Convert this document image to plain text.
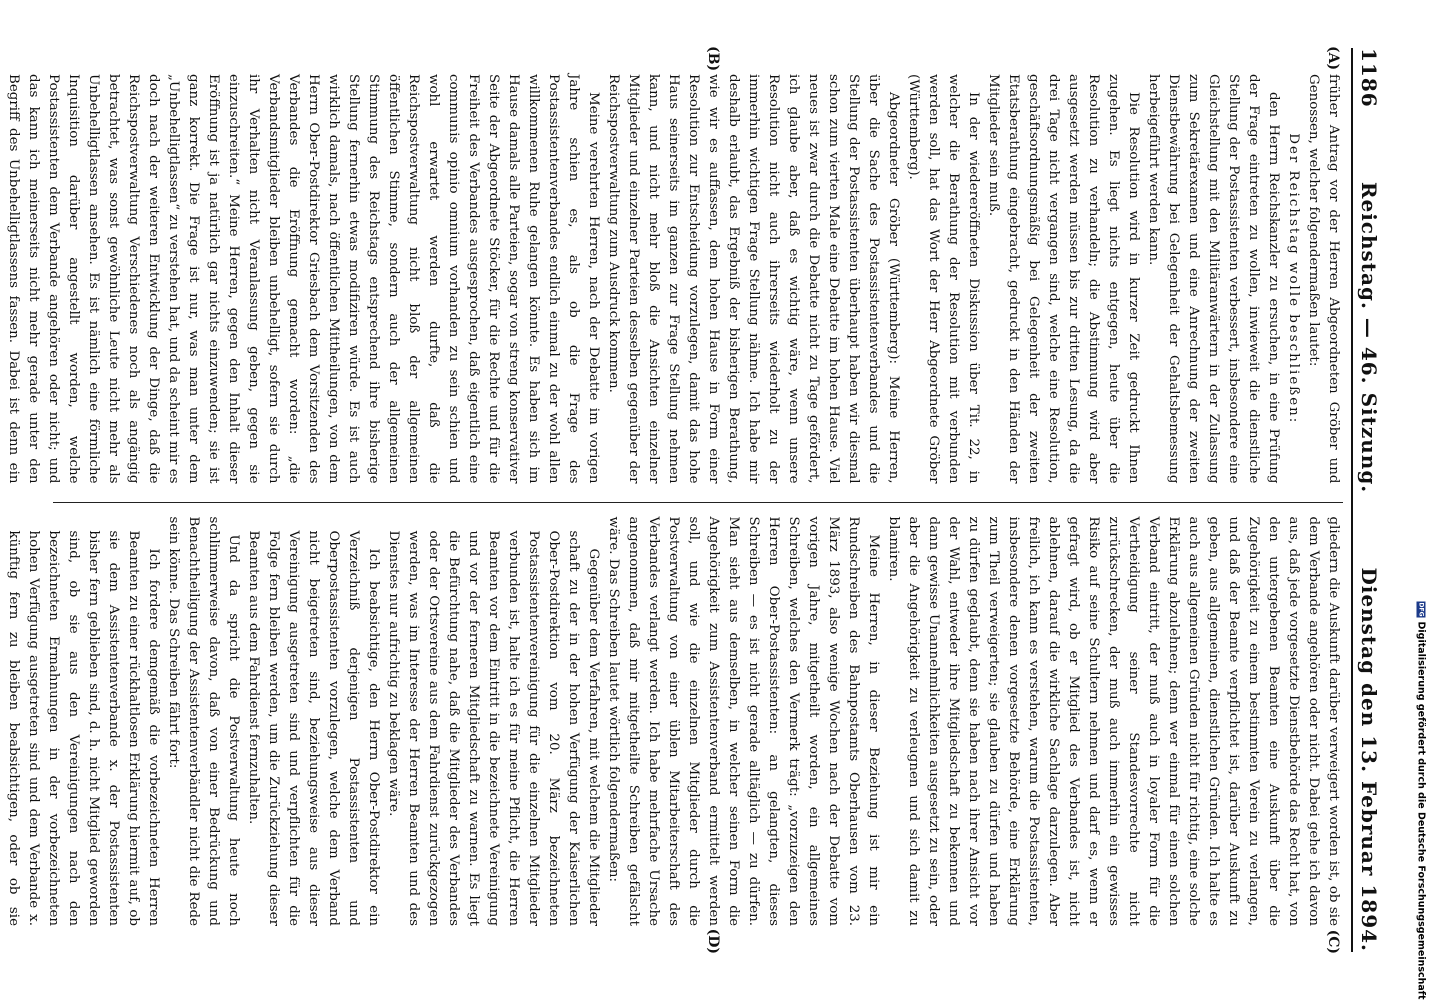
1186
Reichstag. — 46. Sitzung.
Dienstag den 13. Februar 1894.
(A)
(B)

früher Antrag vor der Herren Abgeordneten Gröber und Genossen, welcher folgendermaßen lautet:

Der Reichstag wolle beschließen:

den Herrn Reichskanzler zu ersuchen, in eine Prüfung der Frage eintreten zu wollen, inwieweit die dienstliche Stellung der Postassistenten verbessert, insbesondere eine Gleichstellung mit den Militäranwärtern in der Zulassung zum Sekretärexamen und eine Anrechnung der zweiten Dienstbewährung bei Gelegenheit der Gehaltsbemessung herbeigeführt werden kann.

Die Resolution wird in kurzer Zeit gedruckt Ihnen zugehen. Es liegt nichts entgegen, heute über die Resolution zu verhandeln; die Abstimmung wird aber ausgesetzt werden müssen bis zur dritten Lesung, da die drei Tage nicht vergangen sind, welche eine Resolution, geschäftsordnungsmäßig bei Gelegenheit der zweiten Etatsberathung eingebracht, gedruckt in den Händen der Mitglieder sein muß.

In der wiedereröffneten Diskussion über Tit. 22, in welcher die Berathung der Resolution mit verbunden werden soll, hat das Wort der Herr Abgeordnete Gröber (Württemberg).

Abgeordneter Gröber (Württemberg): Meine Herren, über die Sache des Postassistentenverbandes und die Stellung der Postassistenten überhaupt haben wir diesmal schon zum vierten Male eine Debatte im hohen Hause. Viel neues ist zwar durch die Debatte nicht zu Tage gefördert, ich glaube aber, daß es wichtig wäre, wenn unsere Resolution nicht auch ihrerseits wiederholt zu der immerhin wichtigen Frage Stellung nähme. Ich habe mir deshalb erlaubt, das Ergebniß der bisherigen Berathung, wie wir es auffassen, dem hohen Hause in Form einer Resolution zur Entscheidung vorzulegen, damit das hohe Haus seinerseits im ganzen zur Frage Stellung nehmen kann, und nicht mehr bloß die Ansichten einzelner Mitglieder und einzelner Parteien desselben gegenüber der Reichspostverwaltung zum Ausdruck kommen.

Meine verehrten Herren, nach der Debatte im vorigen Jahre schien es, als ob die Frage des Postassistentenverbandes endlich einmal zu der wohl allen willkommenen Ruhe gelangen könnte. Es haben sich im Hause damals alle Parteien, sogar von streng konservativer Seite der Abgeordnete Stöcker, für die Rechte und für die Freiheit des Verbandes ausgesprochen, daß eigentlich eine communis opinio omnium vorhanden zu sein schien und wohl erwartet werden durfte, daß die Reichspostverwaltung nicht bloß der allgemeinen öffentlichen Stimme, sondern auch der allgemeinen Stimmung des Reichstags entsprechend ihre bisherige Stellung fernerhin etwas modifiziren würde. Es ist auch wirklich damals, nach öffentlichen Mittheilungen, von dem Herrn Ober-Postdirektor Griesbach dem Vorsitzenden des Verbandes die Eröffnung gemacht worden: „die Verbandsmitglieder bleiben unbehelligt, sofern sie durch ihr Verhalten nicht Veranlassung geben, gegen sie einzuschreiten.“ Meine Herren, gegen den Inhalt dieser Eröffnung ist ja natürlich gar nichts einzuwenden; sie ist ganz korrekt. Die Frage ist nur, was man unter dem „Unbehelligtlassen“ zu verstehen hat, und da scheint mir es doch nach der weiteren Entwicklung der Dinge, daß die Reichspostverwaltung Verschiedenes noch als angängig betrachtet, was sonst gewöhnliche Leute nicht mehr als Unbehelligtlassen ansehen. Es ist nämlich eine förmliche Inquisition darüber angestellt worden, welche Postassistenten dem Verbande angehören oder nicht; und das kann ich meinerseits nicht mehr gerade unter den Begriff des Unbehelligtlassens fassen. Dabei ist denn ein

(C)
(D)

gliedern die Auskunft darüber verweigert worden ist, ob sie dem Verbande angehören oder nicht. Dabei gehe ich davon aus, daß jede vorgesetzte Dienstbehörde das Recht hat, von den untergebenen Beamten eine Auskunft über die Zugehörigkeit zu einem bestimmten Verein zu verlangen, und daß der Beamte verpflichtet ist, darüber Auskunft zu geben, aus allgemeinen, dienstlichen Gründen. Ich halte es auch aus allgemeinen Gründen nicht für richtig, eine solche Erklärung abzulehnen; denn wer einmal für einen solchen Verband eintritt, der muß auch in loyaler Form für die Vertheidigung seiner Standesvorrechte nicht zurückschrecken, der muß auch immerhin ein gewisses Risiko auf seine Schultern nehmen und darf es, wenn er gefragt wird, ob er Mitglied des Verbandes ist, nicht ablehnen, darauf die wirkliche Sachlage darzulegen. Aber freilich, ich kann es verstehen, warum die Postassistenten, insbesondere denen vorgesetzte Behörde, eine Erklärung zum Theil verweigerten; sie glauben zu dürfen und haben zu dürfen geglaubt, denn sie haben nach ihrer Ansicht vor der Wahl, entweder ihre Mitgliedschaft zu bekennen und dann gewisse Unannehmlichkeiten ausgesetzt zu sein, oder aber die Angehörigkeit zu verleugnen und sich damit zu blamiren.

Meine Herren, in dieser Beziehung ist mir ein Rundschreiben des Bahnpostamts Oberhausen vom 23. März 1893, also wenige Wochen nach der Debatte vom vorigen Jahre, mitgetheilt worden, ein allgemeines Schreiben, welches den Vermerk trägt: „vorzuzeigen den Herren Ober-Postassistenten: an gelangten, dieses Schreiben — es ist nicht gerade alltäglich — zu dürfen. Man sieht aus demselben, in welcher seinen Form die Angehörigkeit zum Assistentenverband ermittelt werden soll, und wie die einzelnen Mitglieder durch die Postverwaltung von einer üblen Mitarbeiterschaft des Verbandes verlangt werden. Ich habe mehrfache Ursache angenommen, daß mir mitgetheilte Schreiben gefälscht wäre. Das Schreiben lautet wörtlich folgendermaßen:

Gegenüber dem Verfahren, mit welchem die Mitglieder schaft zu der in der hohen Verfügung der Kaiserlichen Ober-Postdirektion vom 20. März bezeichneten Postassistentenvereinigung für die einzelnen Mitglieder verbunden ist, halte ich es für meine Pflicht, die Herren Beamten vor dem Eintritt in die bezeichnete Vereinigung und vor der ferneren Mitgliedschaft zu warnen. Es liegt die Befürchtung nahe, daß die Mitglieder des Verbandes oder der Ortsvereine aus dem Fahrdienst zurückgezogen werden, was im Interesse der Herren Beamten und des Dienstes nur aufrichtig zu beklagen wäre.

Ich beabsichtige, den Herrn Ober-Postdirektor ein Verzeichniß derjenigen Postassistenten und Oberpostassistenten vorzulegen, welche dem Verband nicht beigetreten sind, beziehungsweise aus dieser Vereinigung ausgetreten sind und verpflichten für die Folge fern bleiben werden, um die Zurückziehung dieser Beamten aus dem Fahrdienst fernzuhalten.

Und da spricht die Postverwaltung heute noch schlimmerweise davon, daß von einer Bedrückung und Benachtheiligung der Assistentenverbändler nicht die Rede sein könne. Das Schreiben fährt fort:

Ich fordere demgemäß die vorbezeichneten Herren Beamten zu einer rückhaltlosen Erklärung hiermit auf, ob sie dem Assistentenverbande x. der Postassistenten bisher fern geblieben sind, d. h. nicht Mitglied geworden sind, ob sie aus den Vereinigungen nach den bezeichneten Ermahnungen in der vorbezeichneten hohen Verfügung ausgetreten sind und dem Verbande x. künftig fern zu bleiben beabsichtigen, oder ob sie

DFGDigitalisierung gefördert durch die Deutsche Forschungsgemeinschaft
